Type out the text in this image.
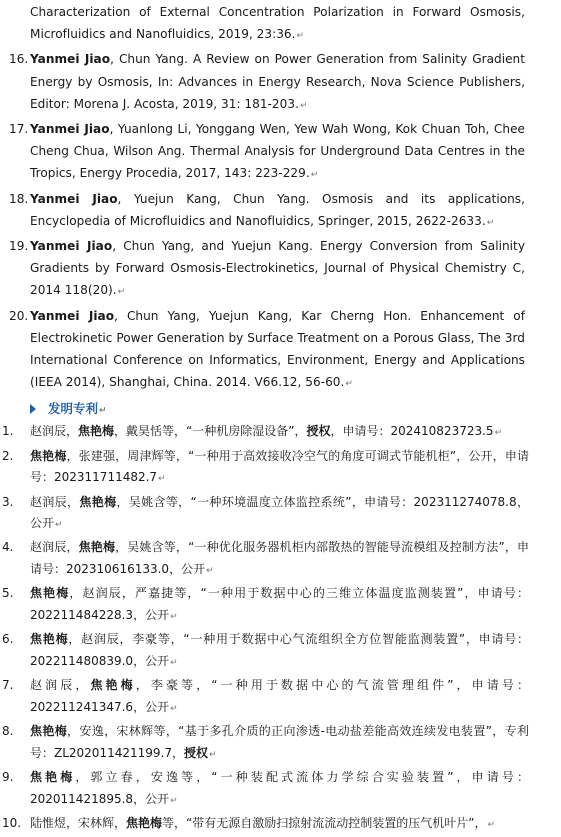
Characterization of External Concentration Polarization in Forward Osmosis, Microfluidics and Nanofluidics, 2019, 23:36.↵
16. Yanmei Jiao, Chun Yang. A Review on Power Generation from Salinity Gradient Energy by Osmosis, In: Advances in Energy Research, Nova Science Publishers, Editor: Morena J. Acosta, 2019, 31: 181-203.↵
17. Yanmei Jiao, Yuanlong Li, Yonggang Wen, Yew Wah Wong, Kok Chuan Toh, Chee Cheng Chua, Wilson Ang. Thermal Analysis for Underground Data Centres in the Tropics, Energy Procedia, 2017, 143: 223-229.↵
18. Yanmei Jiao, Yuejun Kang, Chun Yang. Osmosis and its applications, Encyclopedia of Microfluidics and Nanofluidics, Springer, 2015, 2622-2633.↵
19. Yanmei Jiao, Chun Yang, and Yuejun Kang. Energy Conversion from Salinity Gradients by Forward Osmosis-Electrokinetics, Journal of Physical Chemistry C, 2014 118(20).↵
20. Yanmei Jiao, Chun Yang, Yuejun Kang, Kar Cherng Hon. Enhancement of Electrokinetic Power Generation by Surface Treatment on a Porous Glass, The 3rd International Conference on Informatics, Environment, Energy and Applications (IEEA 2014), Shanghai, China. 2014. V66.12, 56-60.↵
发明专利↵
1. 赵润辰，焦艳梅，戴昊恬等，“一种机房除湿设备”，授权，申请号：202410823723.5↵
2. 焦艳梅，张建强，周津辉等，“一种用于高效接收冷空气的角度可调式节能机柜”，公开，申请号：202311711482.7↵
3. 赵润辰，焦艳梅，吴姚含等，“一种环境温度立体监控系统”，申请号：202311274078.8，公开↵
4. 赵润辰，焦艳梅，吴姚含等，“一种优化服务器机柜内部散热的智能导流模组及控制方法”，申请号：202310616133.0，公开↵
5. 焦艳梅，赵润辰，严嘉捷等，“一种用于数据中心的三维立体温度监测装置”，申请号：202211484228.3，公开↵
6. 焦艳梅，赵润辰，李豪等，“一种用于数据中心气流组织全方位智能监测装置”，申请号：202211480839.0，公开↵
7. 赵润辰，焦艳梅，李豪等，“一种用于数据中心的气流管理组件”，申请号：202211241347.6，公开↵
8. 焦艳梅，安逸，宋林辉等，“基于多孔介质的正向渗透-电动盐差能高效连续发电装置”，专利号：ZL202011421199.7，授权↵
9. 焦艳梅，郭立春，安逸等，“一种装配式流体力学综合实验装置”，申请号：202011421895.8，公开↵
10. 陆惟煜，宋林辉，焦艳梅等，“带有无源自激励扫掠射流流动控制装置的压气机叶片”，↵
